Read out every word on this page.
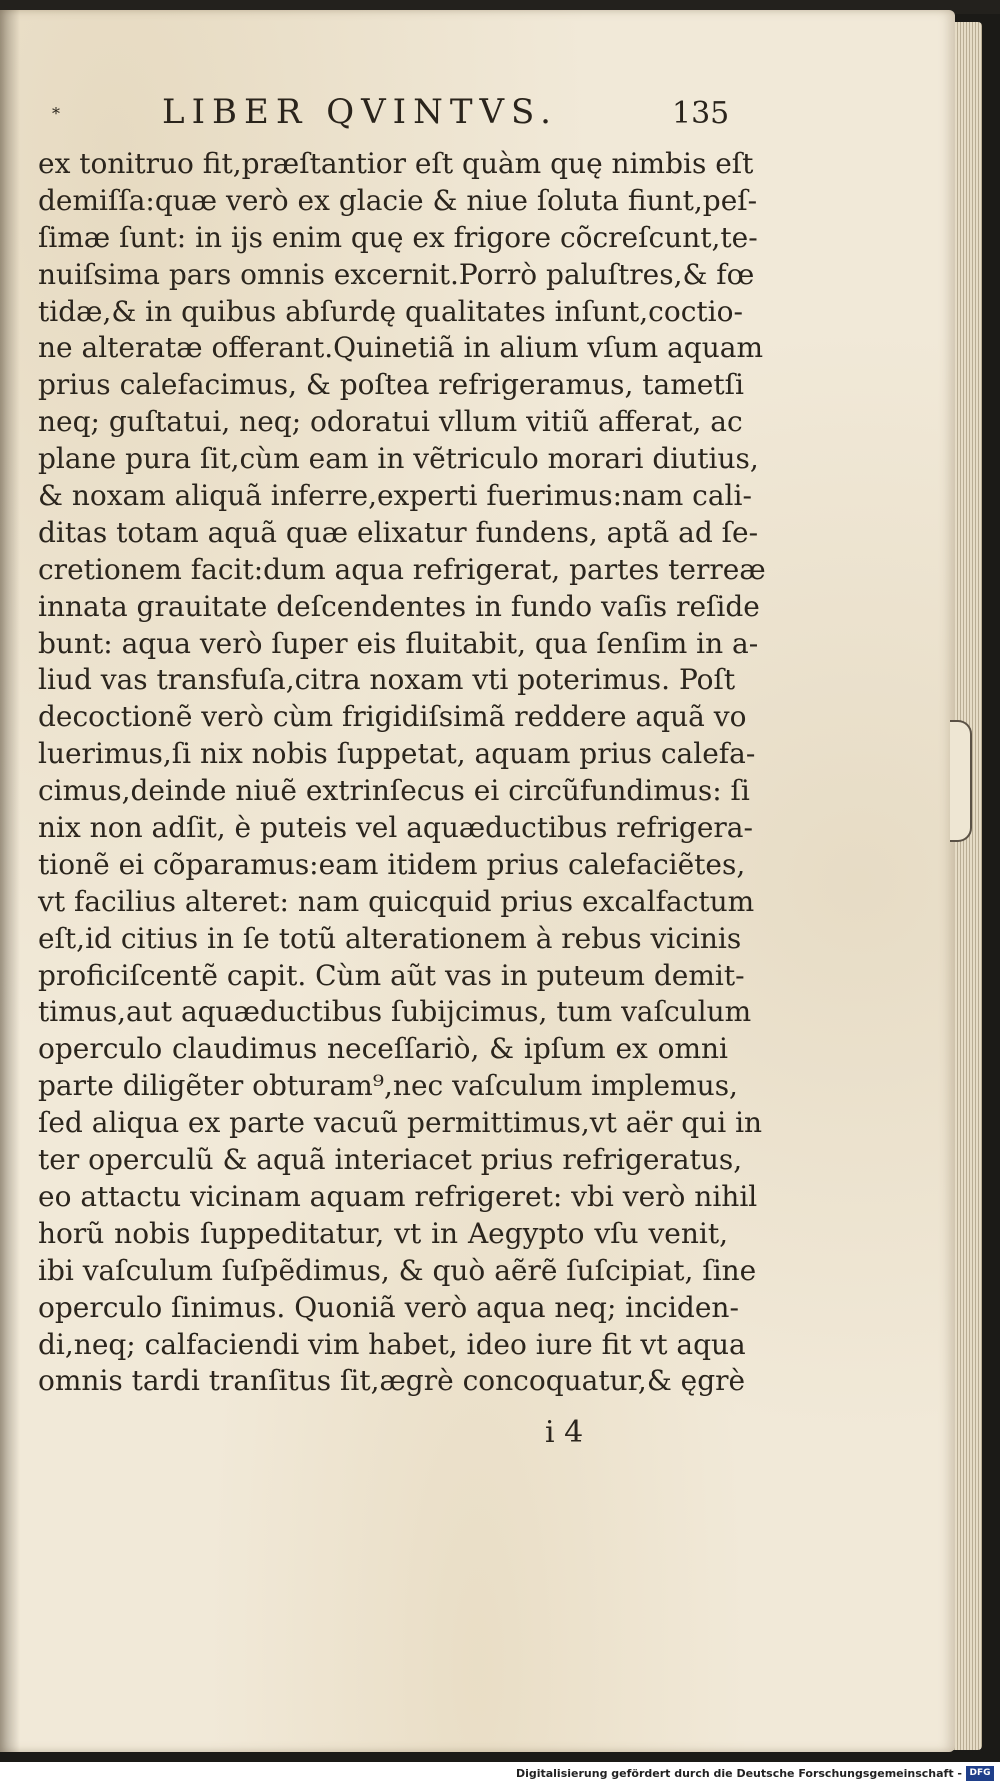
*	LIBER QVINTVS.	135
ex tonitruo fit,præſtantior eſt quàm quę nimbis eſt
demiſſa:quæ verò ex glacie & niue ſoluta fiunt,peſ-
ſimæ ſunt: in ijs enim quę ex frigore cõcreſcunt,te-
nuiſsima pars omnis excernit.Porrò paluſtres,& fœ
tidæ,& in quibus abſurdę qualitates inſunt,coctio-
ne alteratæ offerant.Quinetiã in alium vſum aquam
prius calefacimus, & poſtea refrigeramus, tametſi
neq; guſtatui, neq; odoratui vllum vitiũ afferat, ac
plane pura ſit,cùm eam in vẽtriculo morari diutius,
& noxam aliquã inferre,experti fuerimus:nam cali-
ditas totam aquã quæ elixatur fundens, aptã ad ſe-
cretionem facit:dum aqua refrigerat, partes terreæ
innata grauitate deſcendentes in fundo vaſis reſide
bunt: aqua verò ſuper eis fluitabit, qua ſenſim in a-
liud vas transfuſa,citra noxam vti poterimus. Poſt
decoctionẽ verò cùm frigidiſsimã reddere aquã vo
luerimus,ſi nix nobis ſuppetat, aquam prius calefa-
cimus,deinde niuẽ extrinſecus ei circũfundimus: ſi
nix non adſit, è puteis vel aquæductibus refrigera-
tionẽ ei cõparamus:eam itidem prius calefaciẽtes,
vt facilius alteret: nam quicquid prius excalfactum
eſt,id citius in ſe totũ alterationem à rebus vicinis
proficiſcentẽ capit. Cùm aũt vas in puteum demit-
timus,aut aquæductibus ſubijcimus, tum vaſculum
operculo claudimus neceſſariò, & ipſum ex omni
parte diligẽter obturam⁹,nec vaſculum implemus,
ſed aliqua ex parte vacuũ permittimus,vt aër qui in
ter operculũ & aquã interiacet prius refrigeratus,
eo attactu vicinam aquam refrigeret: vbi verò nihil
horũ nobis ſuppeditatur, vt in Aegypto vſu venit,
ibi vaſculum ſuſpẽdimus, & quò aẽrẽ ſuſcipiat, ſine
operculo ſinimus. Quoniã verò aqua neq; inciden-
di,neq; calfaciendi vim habet, ideo iure fit vt aqua
omnis tardi tranſitus ſit,ægrè concoquatur,& ęgrè
i 4
Digitalisierung gefördert durch die Deutsche Forschungsgemeinschaft - DFG
